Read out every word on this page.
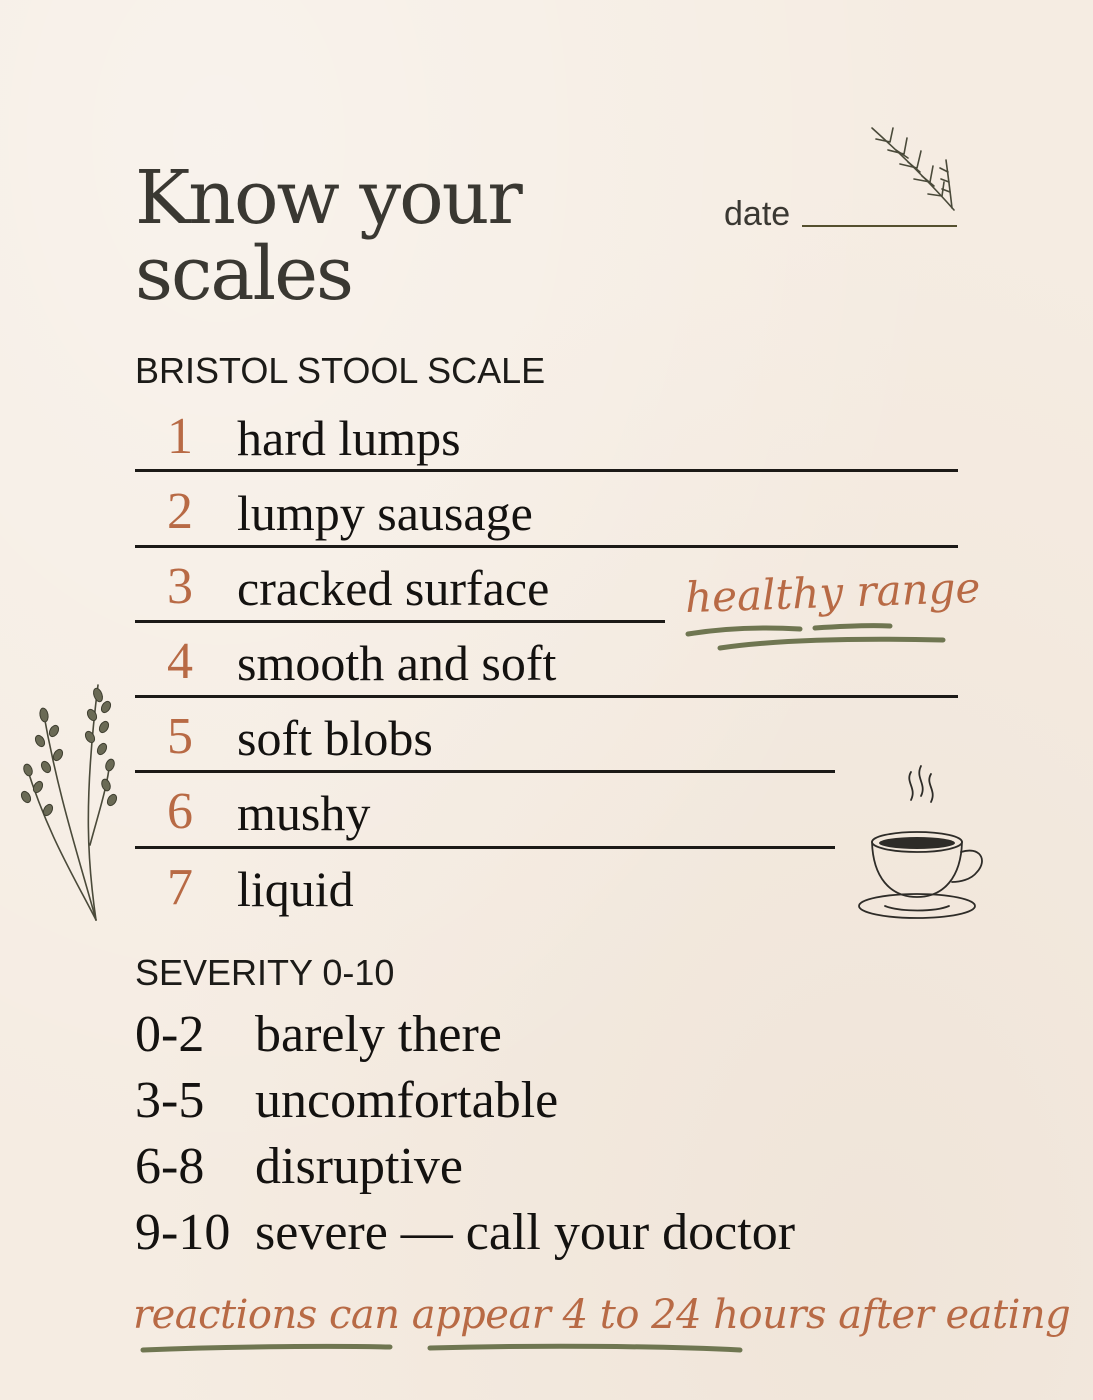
Know your
scales
date
BRISTOL STOOL SCALE
1 hard lumps
2 lumpy sausage
3 cracked surface
4 smooth and soft
5 soft blobs
6 mushy
7 liquid
healthy range
SEVERITY 0-10
0-2 barely there
3-5 uncomfortable
6-8 disruptive
9-10 severe — call your doctor
reactions can appear 4 to 24 hours after eating
